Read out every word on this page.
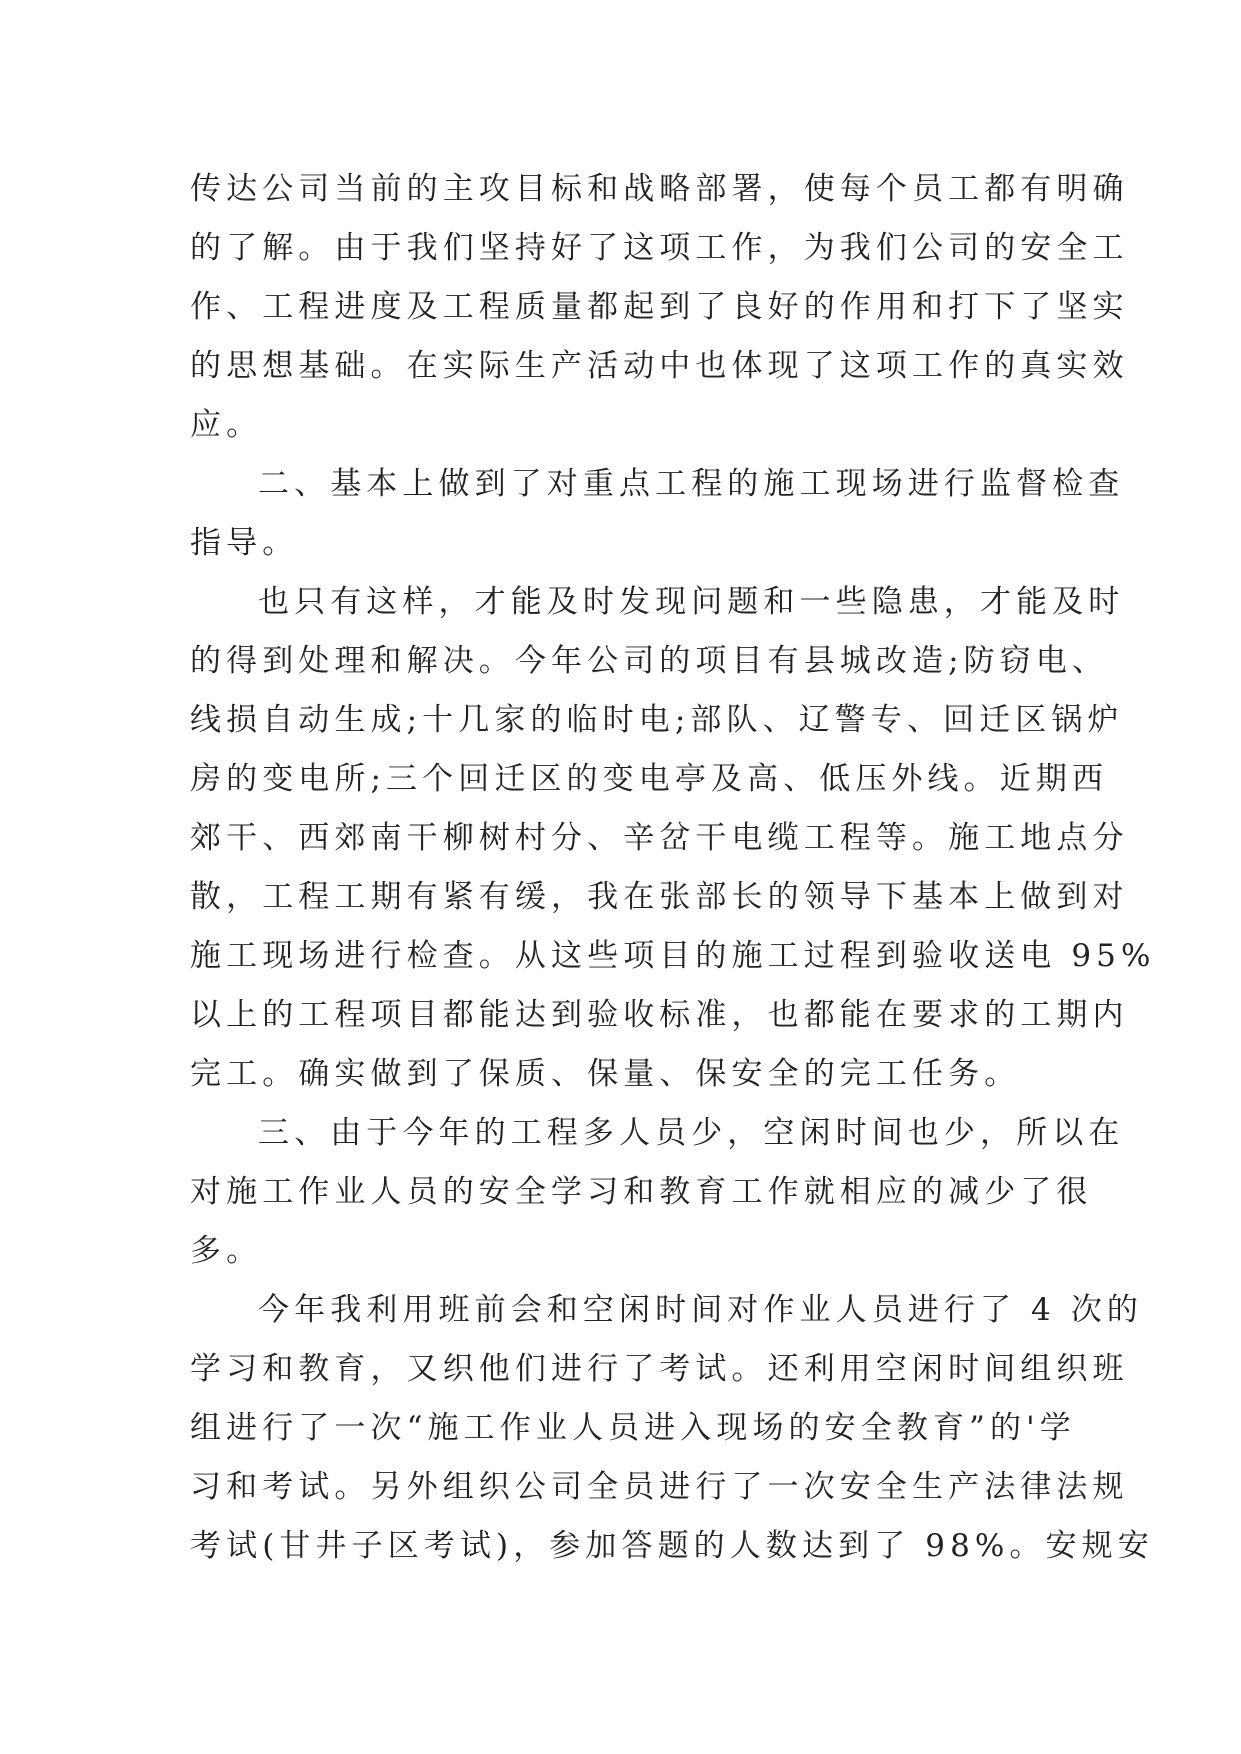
传达公司当前的主攻目标和战略部署，使每个员工都有明确
的了解。由于我们坚持好了这项工作，为我们公司的安全工
作、工程进度及工程质量都起到了良好的作用和打下了坚实
的思想基础。在实际生产活动中也体现了这项工作的真实效
应。
二、基本上做到了对重点工程的施工现场进行监督检查
指导。
也只有这样，才能及时发现问题和一些隐患，才能及时
的得到处理和解决。今年公司的项目有县城改造;防窃电、
线损自动生成;十几家的临时电;部队、辽警专、回迁区锅炉
房的变电所;三个回迁区的变电亭及高、低压外线。近期西
郊干、西郊南干柳树村分、辛岔干电缆工程等。施工地点分
散，工程工期有紧有缓，我在张部长的领导下基本上做到对
施工现场进行检查。从这些项目的施工过程到验收送电 95%
以上的工程项目都能达到验收标准，也都能在要求的工期内
完工。确实做到了保质、保量、保安全的完工任务。
三、由于今年的工程多人员少，空闲时间也少，所以在
对施工作业人员的安全学习和教育工作就相应的减少了很
多。
今年我利用班前会和空闲时间对作业人员进行了 4 次的
学习和教育，又织他们进行了考试。还利用空闲时间组织班
组进行了一次“施工作业人员进入现场的安全教育”的'学
习和考试。另外组织公司全员进行了一次安全生产法律法规
考试(甘井子区考试)，参加答题的人数达到了 98%。安规安
